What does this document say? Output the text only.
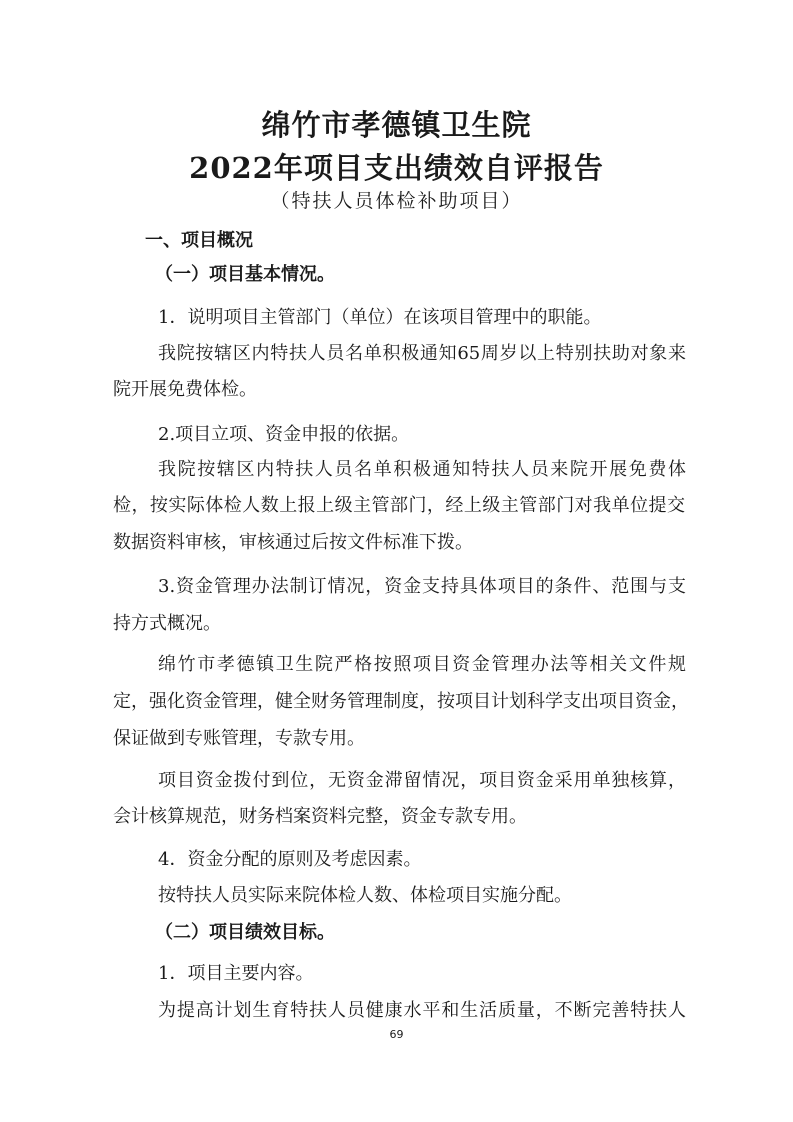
绵竹市孝德镇卫生院
2022年项目支出绩效自评报告
（特扶人员体检补助项目）
一、项目概况
（一）项目基本情况。
1．说明项目主管部门（单位）在该项目管理中的职能。
我院按辖区内特扶人员名单积极通知65周岁以上特别扶助对象来
院开展免费体检。
2.项目立项、资金申报的依据。
我院按辖区内特扶人员名单积极通知特扶人员来院开展免费体
检，按实际体检人数上报上级主管部门，经上级主管部门对我单位提交
数据资料审核，审核通过后按文件标准下拨。
3.资金管理办法制订情况，资金支持具体项目的条件、范围与支
持方式概况。
绵竹市孝德镇卫生院严格按照项目资金管理办法等相关文件规
定，强化资金管理，健全财务管理制度，按项目计划科学支出项目资金，
保证做到专账管理，专款专用。
项目资金拨付到位，无资金滞留情况，项目资金采用单独核算，
会计核算规范，财务档案资料完整，资金专款专用。
4．资金分配的原则及考虑因素。
按特扶人员实际来院体检人数、体检项目实施分配。
（二）项目绩效目标。
1．项目主要内容。
为提高计划生育特扶人员健康水平和生活质量，不断完善特扶人
69
